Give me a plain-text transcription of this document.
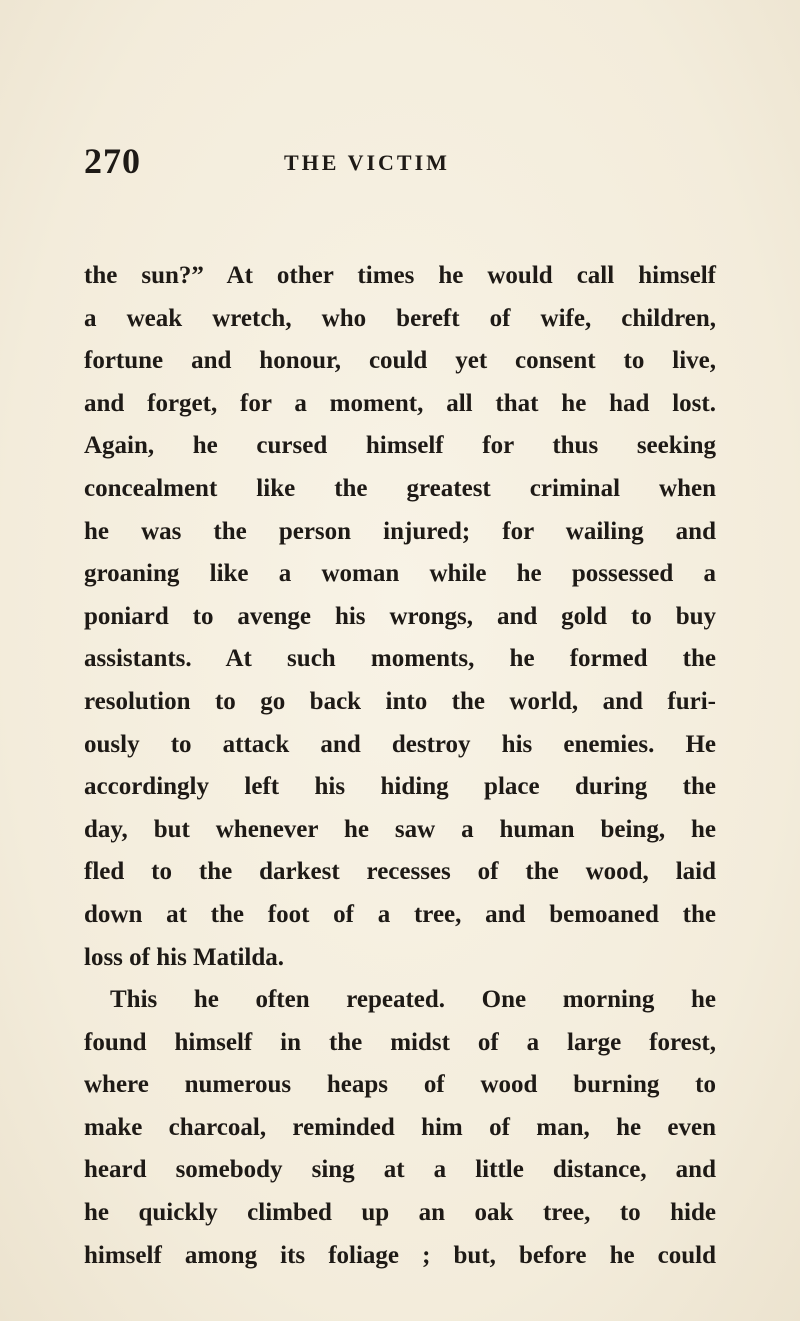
270	THE VICTIM
the sun?” At other times he would call himself
a weak wretch, who bereft of wife, children,
fortune and honour, could yet consent to live,
and forget, for a moment, all that he had lost.
Again, he cursed himself for thus seeking
concealment like the greatest criminal when
he was the person injured; for wailing and
groaning like a woman while he possessed a
poniard to avenge his wrongs, and gold to buy
assistants. At such moments, he formed the
resolution to go back into the world, and furi-
ously to attack and destroy his enemies. He
accordingly left his hiding place during the
day, but whenever he saw a human being, he
fled to the darkest recesses of the wood, laid
down at the foot of a tree, and bemoaned the
loss of his Matilda.
This he often repeated. One morning he
found himself in the midst of a large forest,
where numerous heaps of wood burning to
make charcoal, reminded him of man, he even
heard somebody sing at a little distance, and
he quickly climbed up an oak tree, to hide
himself among its foliage ; but, before he could
